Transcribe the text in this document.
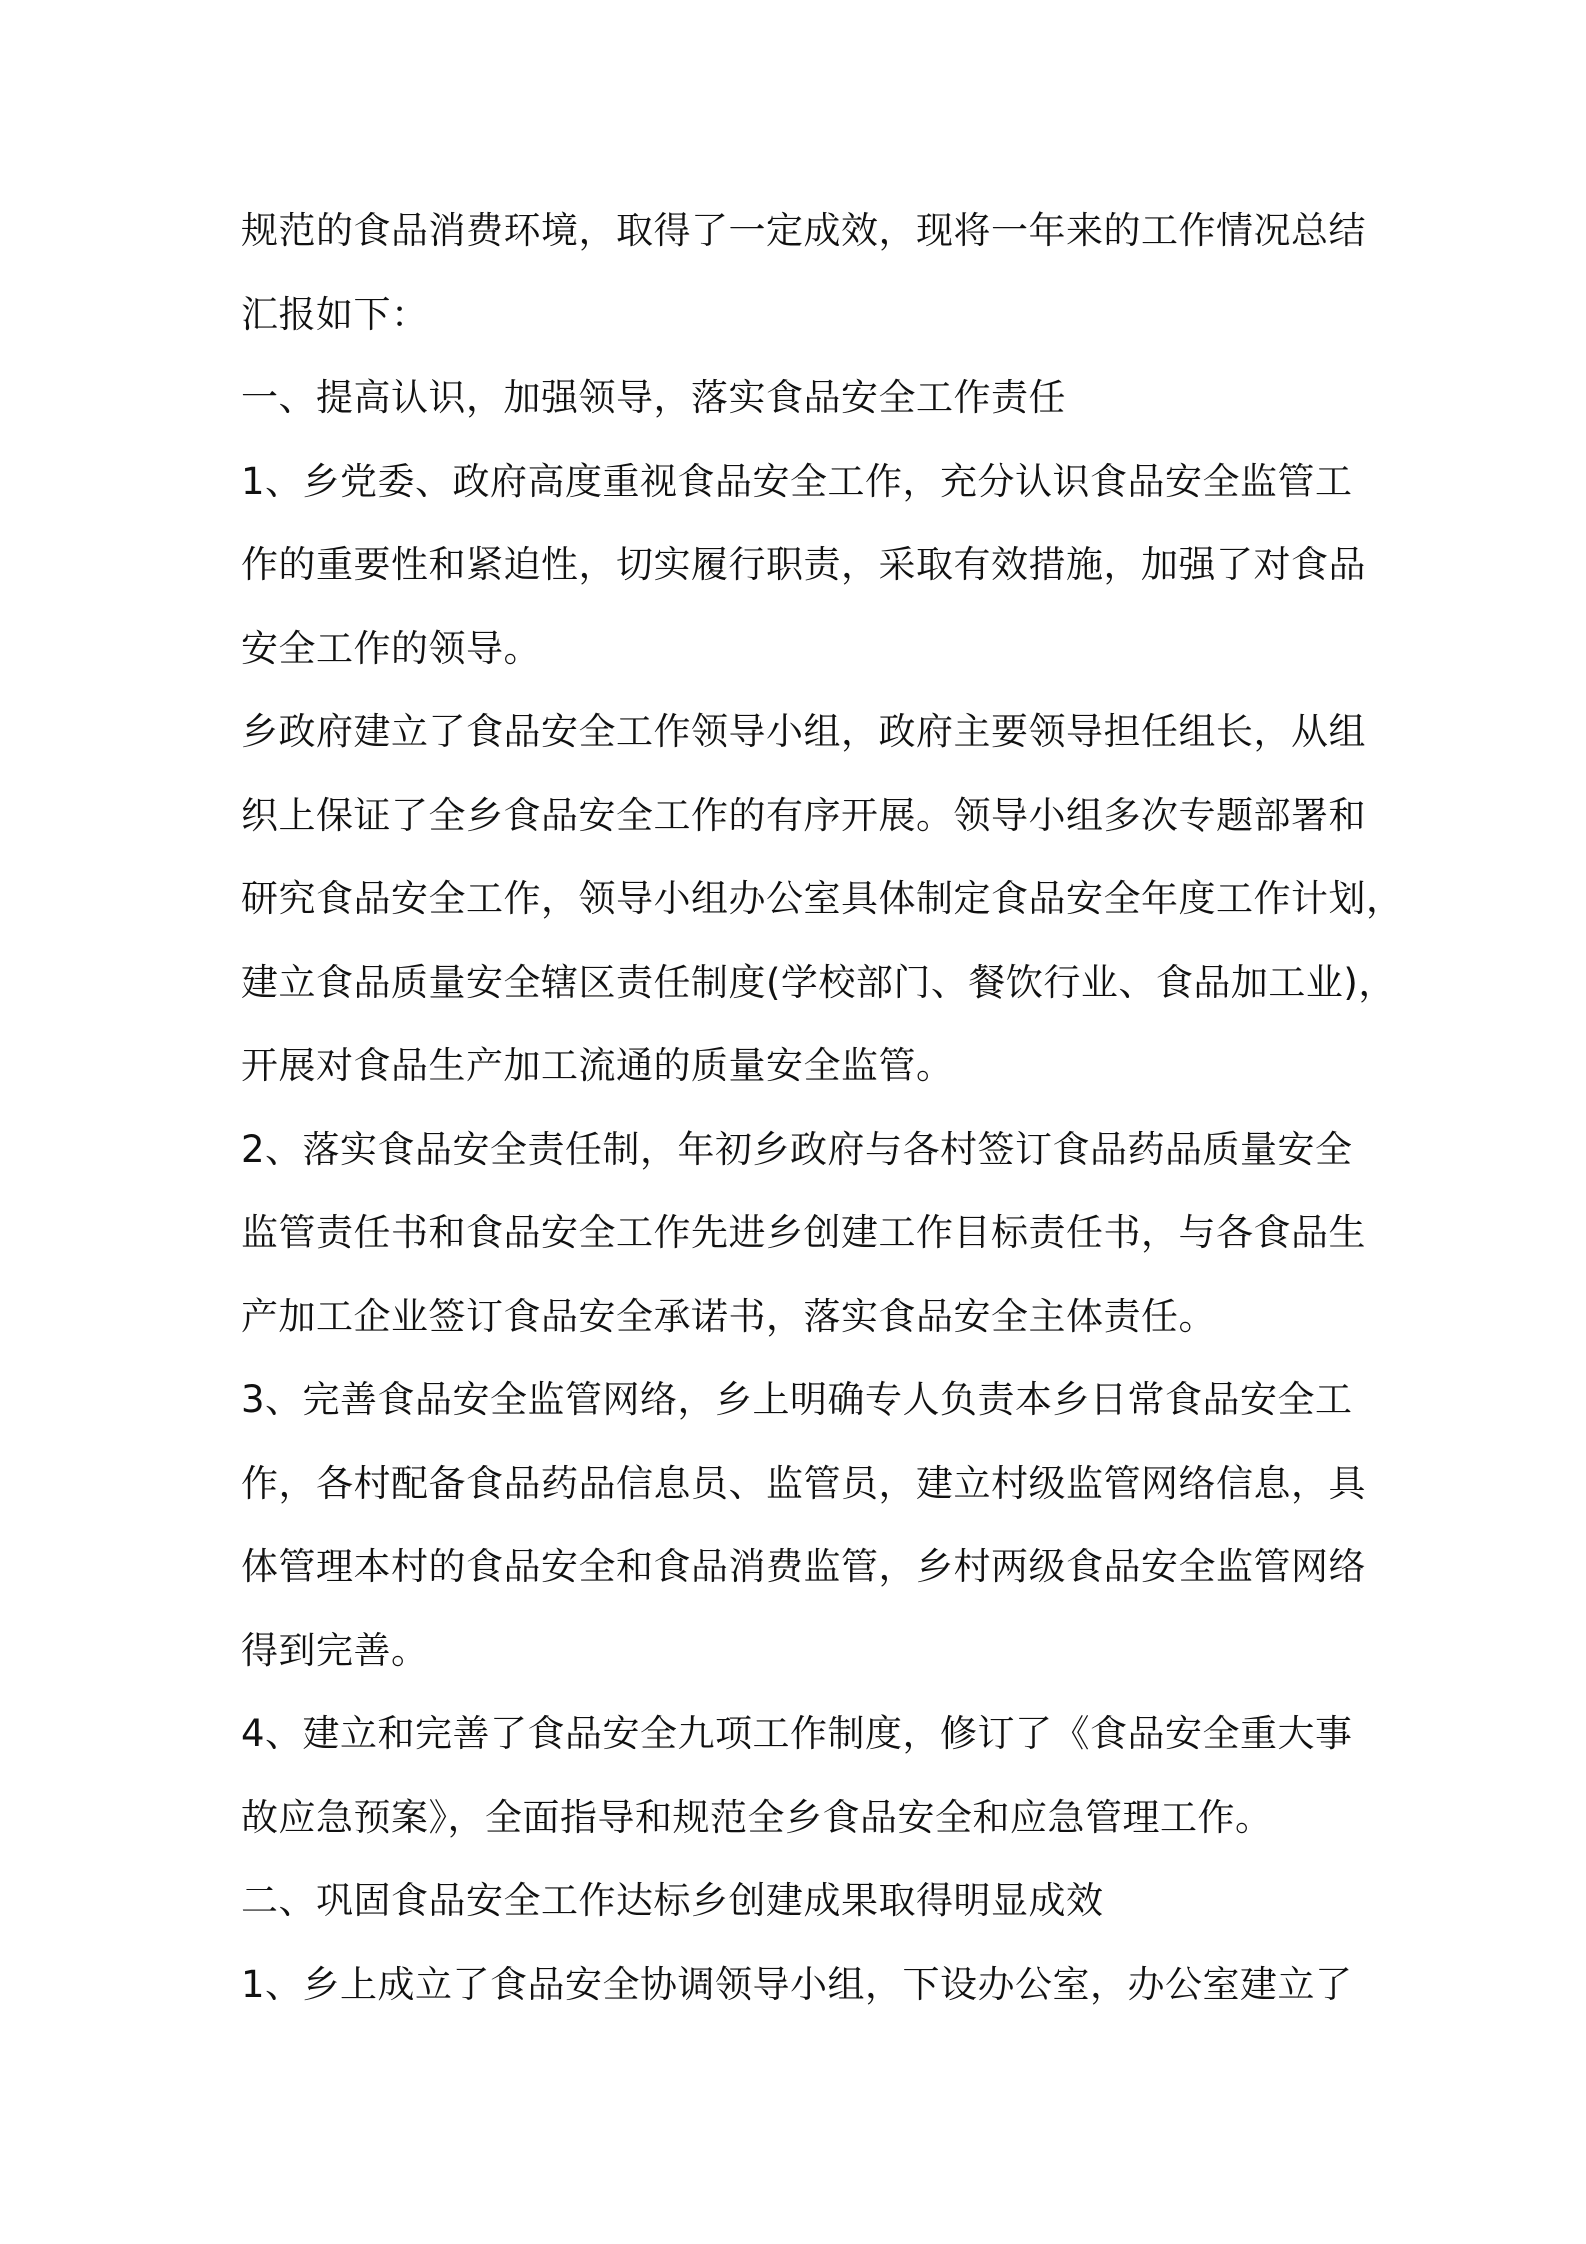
规范的食品消费环境，取得了一定成效，现将一年来的工作情况总结
汇报如下：
一、提高认识，加强领导，落实食品安全工作责任
1、乡党委、政府高度重视食品安全工作，充分认识食品安全监管工
作的重要性和紧迫性，切实履行职责，采取有效措施，加强了对食品
安全工作的领导。
乡政府建立了食品安全工作领导小组，政府主要领导担任组长，从组
织上保证了全乡食品安全工作的有序开展。领导小组多次专题部署和
研究食品安全工作，领导小组办公室具体制定食品安全年度工作计划，
建立食品质量安全辖区责任制度(学校部门、餐饮行业、食品加工业)，
开展对食品生产加工流通的质量安全监管。
2、落实食品安全责任制，年初乡政府与各村签订食品药品质量安全
监管责任书和食品安全工作先进乡创建工作目标责任书，与各食品生
产加工企业签订食品安全承诺书，落实食品安全主体责任。
3、完善食品安全监管网络，乡上明确专人负责本乡日常食品安全工
作，各村配备食品药品信息员、监管员，建立村级监管网络信息，具
体管理本村的食品安全和食品消费监管，乡村两级食品安全监管网络
得到完善。
4、建立和完善了食品安全九项工作制度，修订了《食品安全重大事
故应急预案》，全面指导和规范全乡食品安全和应急管理工作。
二、巩固食品安全工作达标乡创建成果取得明显成效
1、乡上成立了食品安全协调领导小组，下设办公室，办公室建立了
